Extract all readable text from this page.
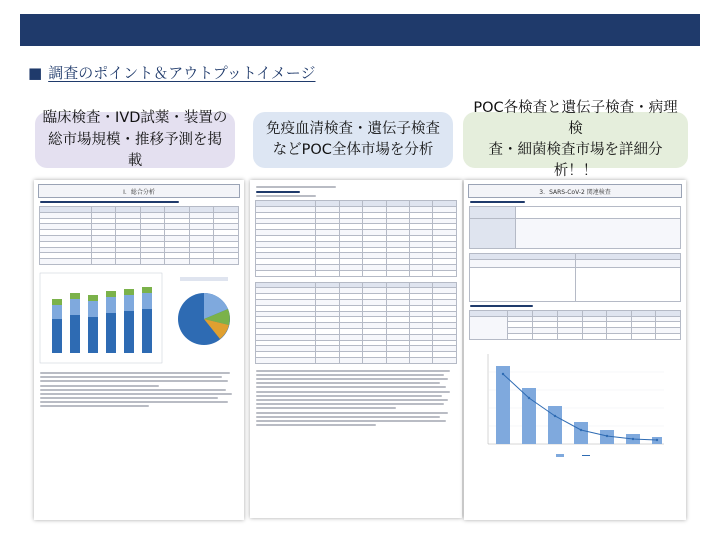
■ 調査のポイント＆アウトプットイメージ
臨床検査・IVD試薬・装置の
総市場規模・推移予測を掲載
免疫血清検査・遺伝子検査
などPOC全体市場を分析
POC各検査と遺伝子検査・病理検
査・細菌検査市場を詳細分析！！
Ⅰ．総合分析

							3．SARS-CoV-2 関連検査
